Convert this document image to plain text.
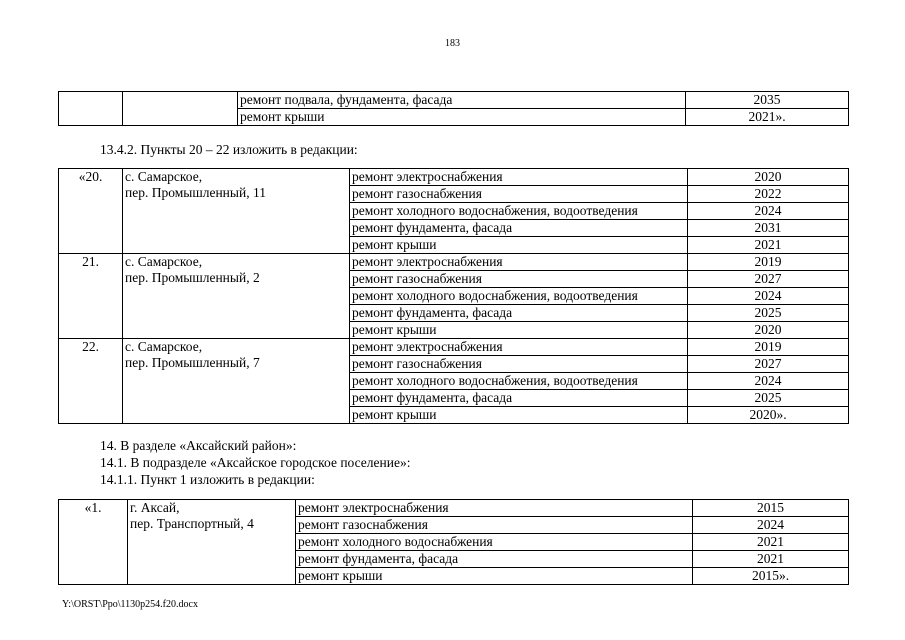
183
		ремонт подвала, фундамента, фасада	2035
		ремонт крыши	2021».
13.4.2. Пункты 20 – 22 изложить в редакции:
«20.	с. Самарское,
пер. Промышленный, 11	ремонт электроснабжения	2020
		ремонт газоснабжения	2022
		ремонт холодного водоснабжения, водоотведения	2024
		ремонт фундамента, фасада	2031
		ремонт крыши	2021
21.	с. Самарское,
пер. Промышленный, 2	ремонт электроснабжения	2019
		ремонт газоснабжения	2027
		ремонт холодного водоснабжения, водоотведения	2024
		ремонт фундамента, фасада	2025
		ремонт крыши	2020
22.	с. Самарское,
пер. Промышленный, 7	ремонт электроснабжения	2019
		ремонт газоснабжения	2027
		ремонт холодного водоснабжения, водоотведения	2024
		ремонт фундамента, фасада	2025
		ремонт крыши	2020».
14. В разделе «Аксайский район»:
14.1. В подразделе «Аксайское городское поселение»:
14.1.1. Пункт 1 изложить в редакции:
«1.	г. Аксай,
пер. Транспортный, 4	ремонт электроснабжения	2015
		ремонт газоснабжения	2024
		ремонт холодного водоснабжения	2021
		ремонт фундамента, фасада	2021
		ремонт крыши	2015».
Y:\ORST\Ppo\1130p254.f20.docx
